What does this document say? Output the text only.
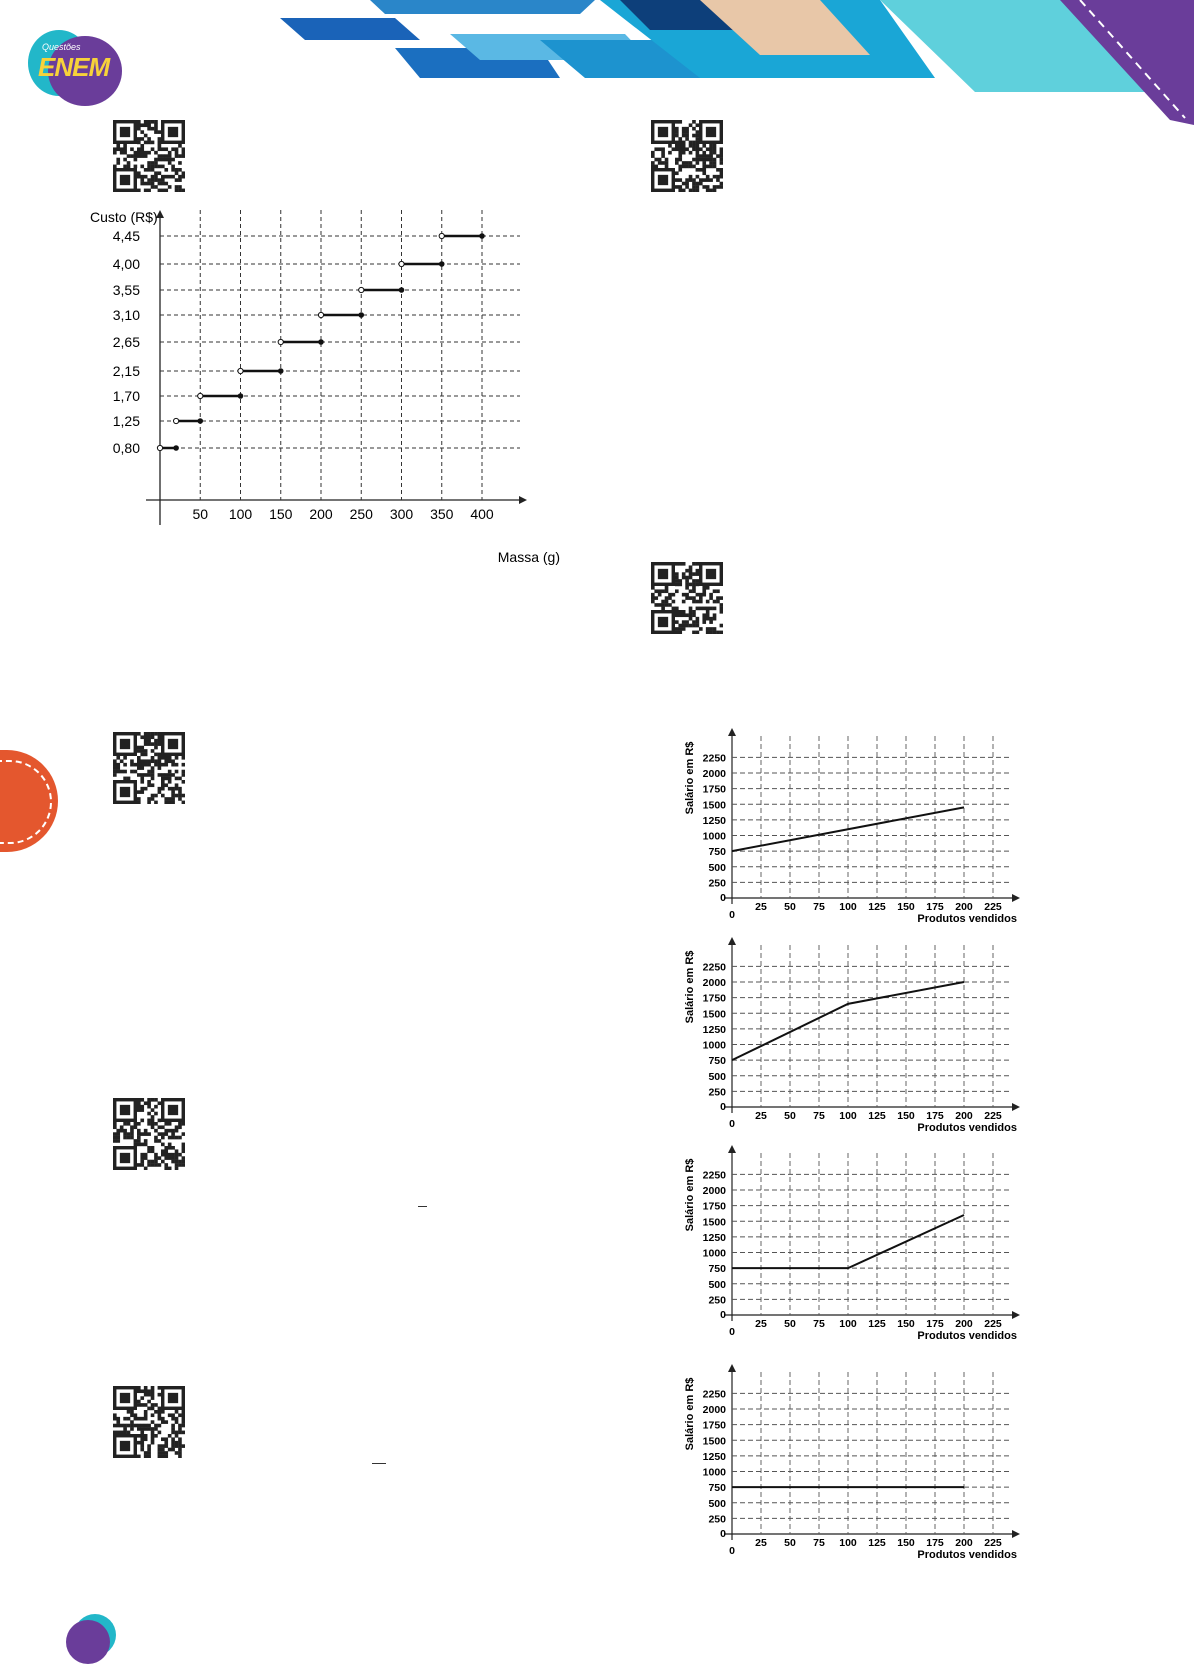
Questões
ENEM
50 100 150 200 250 300 350 400
0,80
1,25
1,70
2,15
2,65
3,10
3,55
4,00
4,45
Custo (R$)
Massa (g)
25 50 75 100 125 150 175 200 225
250
500
750
1000
1250
1500
1750
2000
2250
0
0	Produtos vendidos
Salário em R$
25 50 75 100 125 150 175 200 225
250
500
750
1000
1250
1500
1750
2000
2250
0
0	Produtos vendidos
Salário em R$
25 50 75 100 125 150 175 200 225
250
500
750
1000
1250
1500
1750
2000
2250
0
0	Produtos vendidos
Salário em R$
25 50 75 100 125 150 175 200 225
250
500
750
1000
1250
1500
1750
2000
2250
0
0	Produtos vendidos
Salário em R$
